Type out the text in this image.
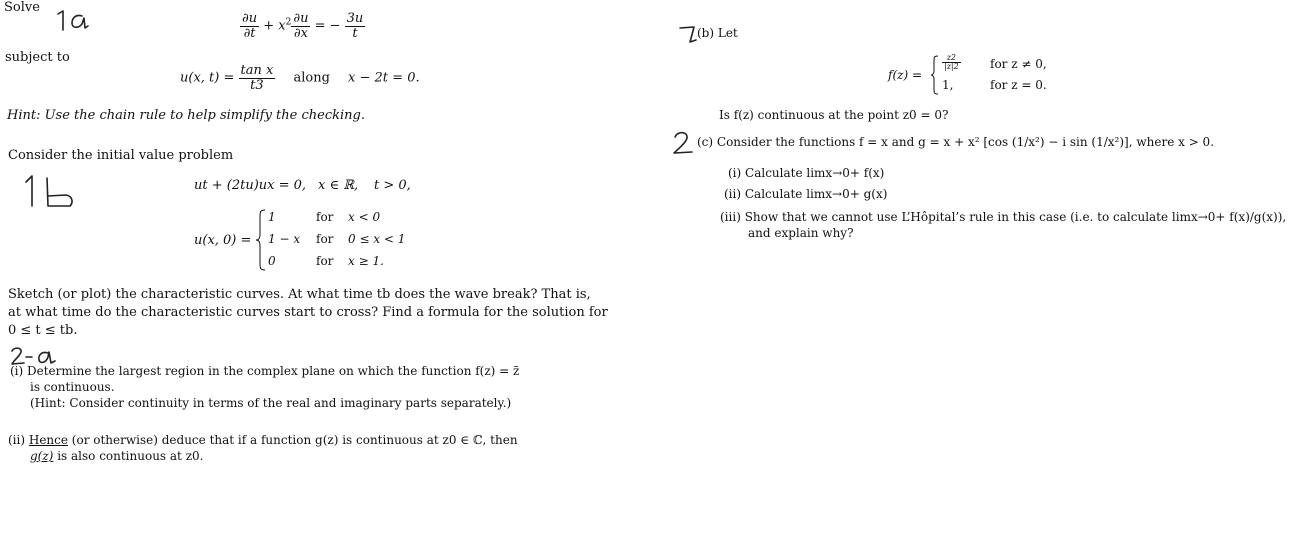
Solve
$\frac{\partial u}{\partial t} + x^2 \frac{\partial u}{\partial x}$ = − $\frac{3u}{t}$
subject to
u(x, $t) = \frac{\text{tan x}}{t3}$ along x − 2t = 0.
Hint: Use the chain rule to help simplify the checking.
Consider the initial value problem
ut + (2tu)ux = 0, x ∈ ℝ, t > 0,
u(x, 0) =
1	for x < 0
1 − x for 0 ≤ x < 1
0	for x ≥ 1.
Sketch (or plot) the characteristic curves. At what time tb does the wave break? That is,
at what time do the characteristic curves start to cross? Find a formula for the solution for
0 ≤ t ≤ tb.
(i) Determine the largest region in the complex plane on which the function f(z) = z̄
is continuous.
(Hint: Consider continuity in terms of the real and imaginary parts separately.)
(ii) Hence (or otherwise) deduce that if a function g(z) is continuous at z0 ∈ ℂ, then
g(z) is also continuous at z0.
(b) Let
f(z) =
$\frac{z2}{|z|2}$ for z ≠ 0,
1,	for z = 0.
Is f(z) continuous at the point z0 = 0?
(c) Consider the functions f = x and g = x + x² [cos (1/x²) − i sin (1/x²)], where x > 0.
(i) Calculate limx→0+ f(x)
(ii) Calculate limx→0+ g(x)
(iii) Show that we cannot use L’Hôpital’s rule in this case (i.e. to calculate limx→0+ f(x)/g(x)),
and explain why?
